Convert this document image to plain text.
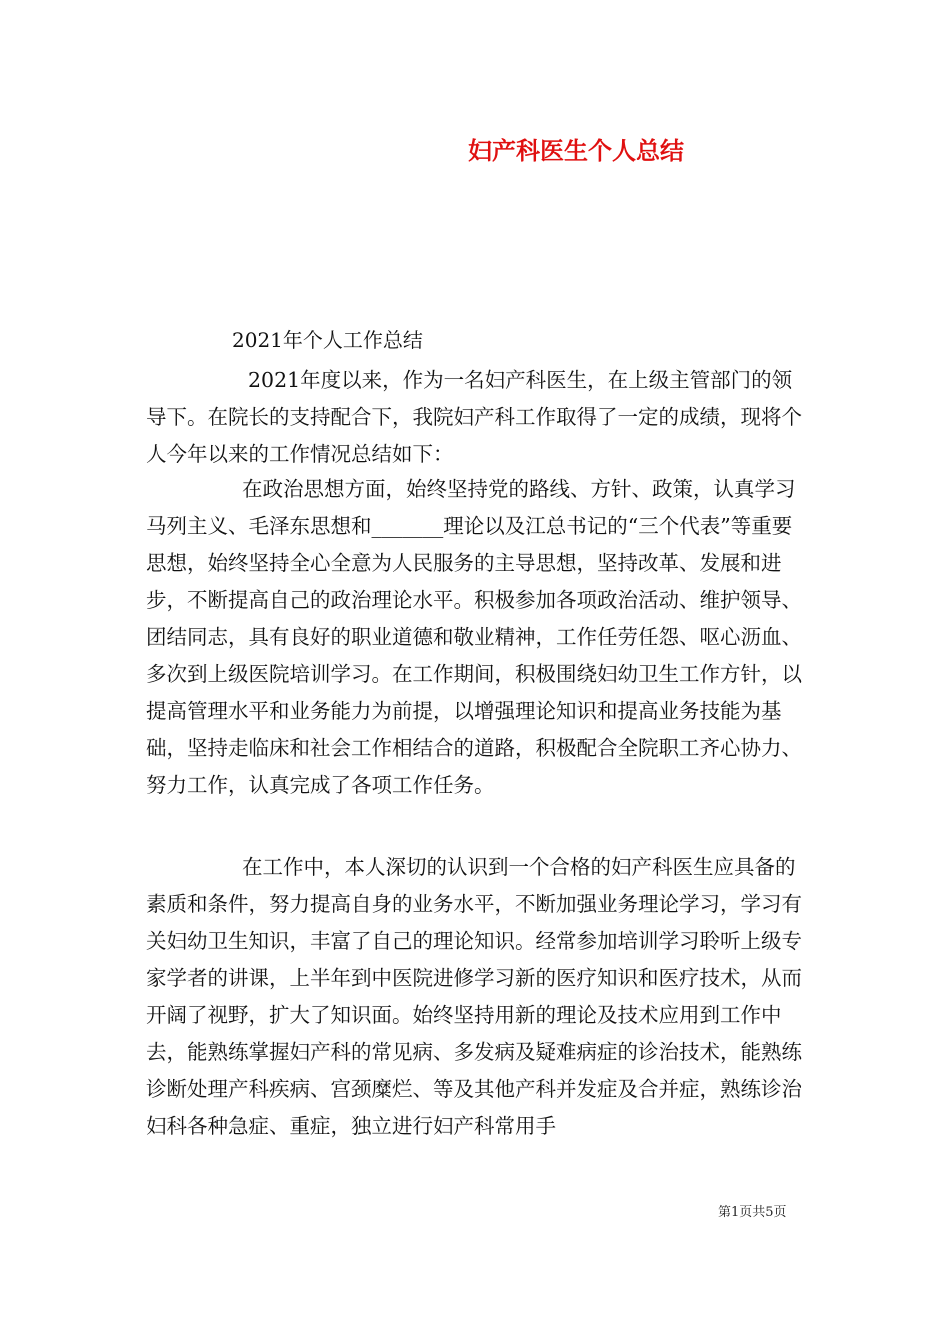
妇产科医生个人总结

2021年个人工作总结

2021年度以来，作为一名妇产科医生，在上级主管部门的领导下。在院长的支持配合下，我院妇产科工作取得了一定的成绩，现将个人今年以来的工作情况总结如下：

在政治思想方面，始终坚持党的路线、方针、政策，认真学习马列主义、毛泽东思想和_______理论以及江总书记的“三个代表”等重要思想，始终坚持全心全意为人民服务的主导思想，坚持改革、发展和进步，不断提高自己的政治理论水平。积极参加各项政治活动、维护领导、团结同志，具有良好的职业道德和敬业精神，工作任劳任怨、呕心沥血、多次到上级医院培训学习。在工作期间，积极围绕妇幼卫生工作方针，以提高管理水平和业务能力为前提，以增强理论知识和提高业务技能为基础，坚持走临床和社会工作相结合的道路，积极配合全院职工齐心协力、努力工作，认真完成了各项工作任务。

在工作中，本人深切的认识到一个合格的妇产科医生应具备的素质和条件，努力提高自身的业务水平，不断加强业务理论学习，学习有关妇幼卫生知识，丰富了自己的理论知识。经常参加培训学习聆听上级专家学者的讲课，上半年到中医院进修学习新的医疗知识和医疗技术，从而开阔了视野，扩大了知识面。始终坚持用新的理论及技术应用到工作中去，能熟练掌握妇产科的常见病、多发病及疑难病症的诊治技术，能熟练诊断处理产科疾病、宫颈糜烂、等及其他产科并发症及合并症，熟练诊治妇科各种急症、重症，独立进行妇产科常用手

第1页共5页
